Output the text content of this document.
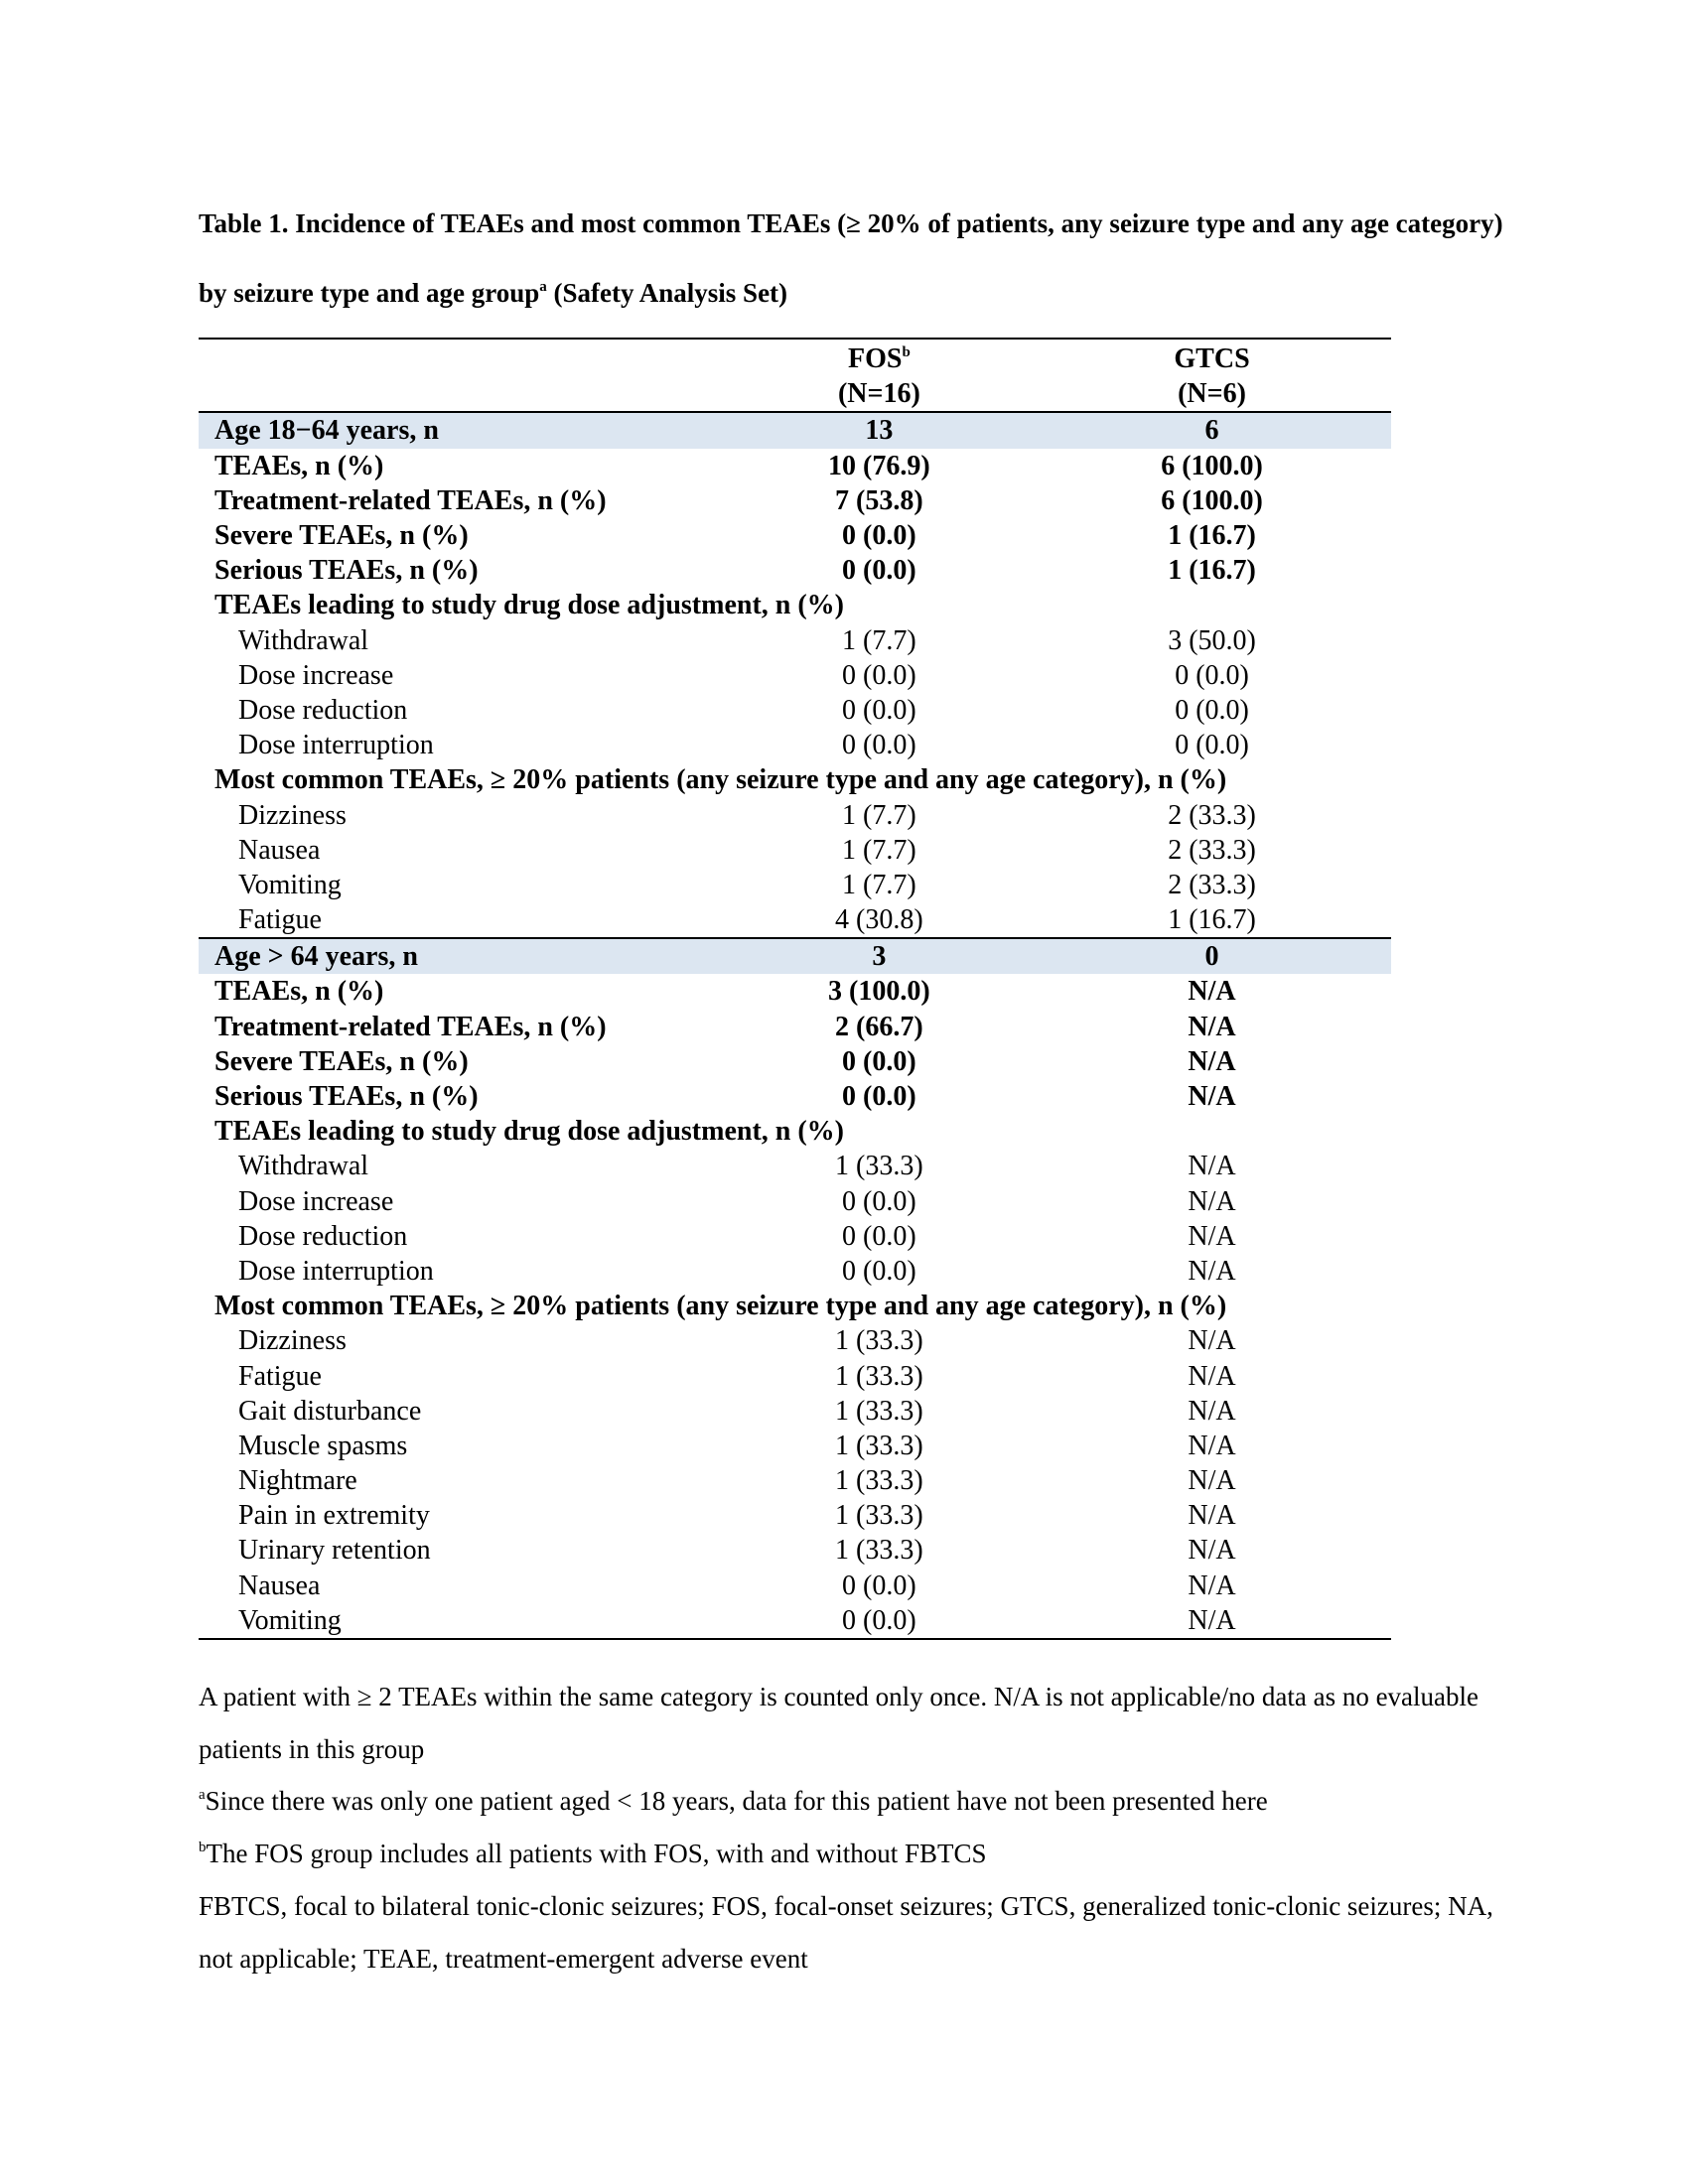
Table 1. Incidence of TEAEs and most common TEAEs (≥ 20% of patients, any seizure type and any age category) by seizure type and age group$^a$ (Safety Analysis Set)
	FOS$^b$	GTCS
	(N=16)	(N=6)
Age 18−64 years, n	13	6
TEAEs, n (%)	10 (76.9)	6 (100.0)
Treatment-related TEAEs, n (%)	7 (53.8)	6 (100.0)
Severe TEAEs, n (%)	0 (0.0)	1 (16.7)
Serious TEAEs, n (%)	0 (0.0)	1 (16.7)
TEAEs leading to study drug dose adjustment, n (%)		
Withdrawal	1 (7.7)	3 (50.0)
Dose increase	0 (0.0)	0 (0.0)
Dose reduction	0 (0.0)	0 (0.0)
Dose interruption	0 (0.0)	0 (0.0)
Most common TEAEs, ≥ 20% patients (any seizure type and any age category), n (%)		
Dizziness	1 (7.7)	2 (33.3)
Nausea	1 (7.7)	2 (33.3)
Vomiting	1 (7.7)	2 (33.3)
Fatigue	4 (30.8)	1 (16.7)
Age > 64 years, n	3	0
TEAEs, n (%)	3 (100.0)	N/A
Treatment-related TEAEs, n (%)	2 (66.7)	N/A
Severe TEAEs, n (%)	0 (0.0)	N/A
Serious TEAEs, n (%)	0 (0.0)	N/A
TEAEs leading to study drug dose adjustment, n (%)		
Withdrawal	1 (33.3)	N/A
Dose increase	0 (0.0)	N/A
Dose reduction	0 (0.0)	N/A
Dose interruption	0 (0.0)	N/A
Most common TEAEs, ≥ 20% patients (any seizure type and any age category), n (%)		
Dizziness	1 (33.3)	N/A
Fatigue	1 (33.3)	N/A
Gait disturbance	1 (33.3)	N/A
Muscle spasms	1 (33.3)	N/A
Nightmare	1 (33.3)	N/A
Pain in extremity	1 (33.3)	N/A
Urinary retention	1 (33.3)	N/A
Nausea	0 (0.0)	N/A
Vomiting	0 (0.0)	N/A

A patient with ≥ 2 TEAEs within the same category is counted only once. N/A is not applicable/no data as no evaluable patients in this group

$^a$Since there was only one patient aged < 18 years, data for this patient have not been presented here

$^b$The FOS group includes all patients with FOS, with and without FBTCS

FBTCS, focal to bilateral tonic-clonic seizures; FOS, focal-onset seizures; GTCS, generalized tonic-clonic seizures; NA, not applicable; TEAE, treatment-emergent adverse event
